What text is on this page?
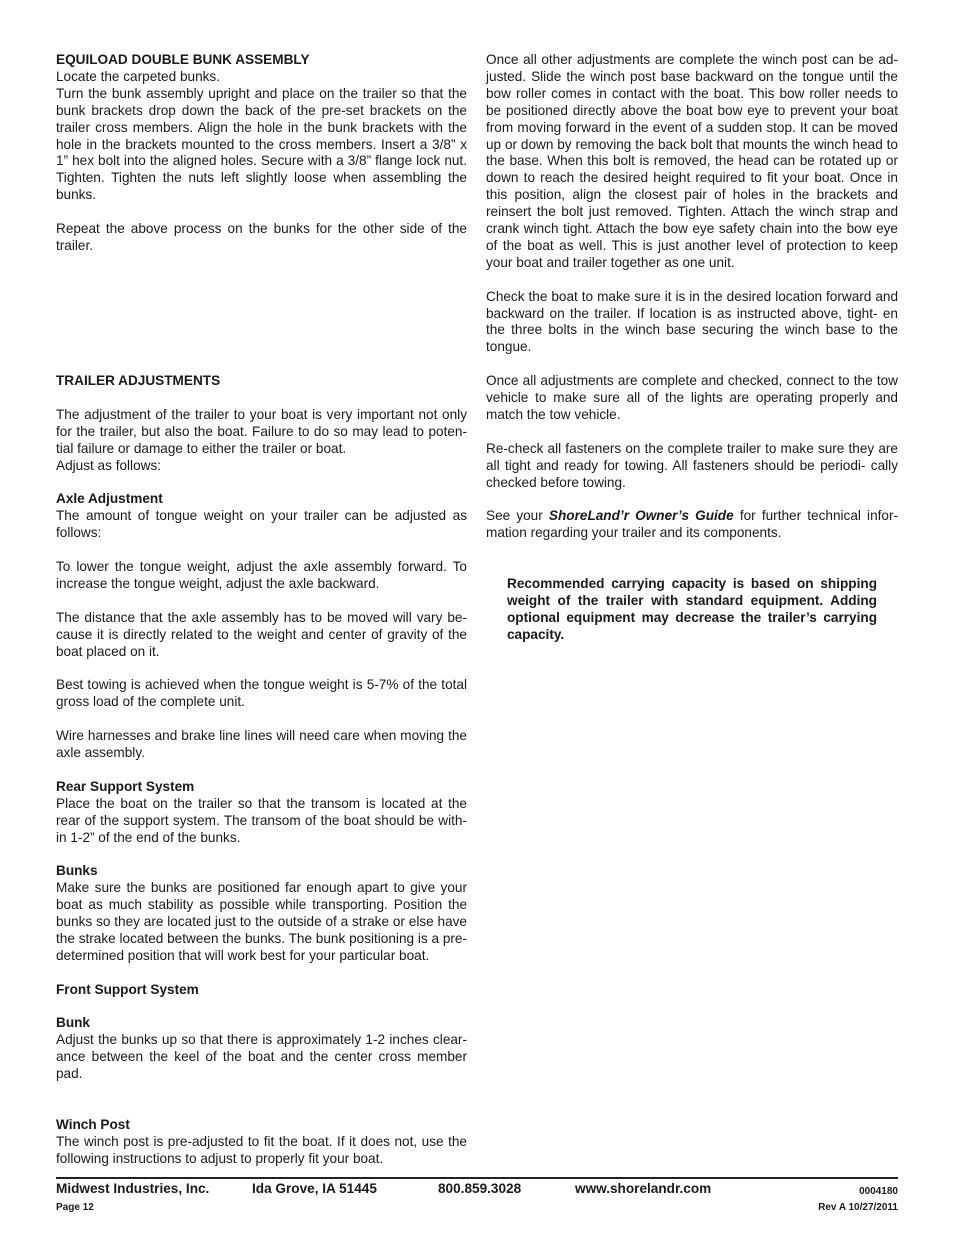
EQUILOAD DOUBLE BUNK ASSEMBLY

Locate the carpeted bunks.

Turn the bunk assembly upright and place on the trailer so that the bunk brackets drop down the back of the pre-set brackets on the trailer cross members. Align the hole in the bunk brackets with the hole in the brackets mounted to the cross members. Insert a 3/8” x 1” hex bolt into the aligned holes. Secure with a 3/8” flange lock nut. Tighten. Tighten the nuts left slightly loose when assembling the bunks.

Repeat the above process on the bunks for the other side of the trailer.

TRAILER ADJUSTMENTS

The adjustment of the trailer to your boat is very important not only for the trailer, but also the boat. Failure to do so may lead to poten- tial failure or damage to either the trailer or boat.

Adjust as follows:

Axle Adjustment

The amount of tongue weight on your trailer can be adjusted as follows:

To lower the tongue weight, adjust the axle assembly forward. To increase the tongue weight, adjust the axle backward.

The distance that the axle assembly has to be moved will vary be- cause it is directly related to the weight and center of gravity of the boat placed on it.

Best towing is achieved when the tongue weight is 5-7% of the total gross load of the complete unit.

Wire harnesses and brake line lines will need care when moving the axle assembly.

Rear Support System

Place the boat on the trailer so that the transom is located at the rear of the support system. The transom of the boat should be with- in 1-2” of the end of the bunks.

Bunks

Make sure the bunks are positioned far enough apart to give your boat as much stability as possible while transporting. Position the bunks so they are located just to the outside of a strake or else have the strake located between the bunks. The bunk positioning is a pre-determined position that will work best for your particular boat.

Front Support System
Bunk

Adjust the bunks up so that there is approximately 1-2 inches clear- ance between the keel of the boat and the center cross member pad.

Winch Post

The winch post is pre-adjusted to fit the boat. If it does not, use the following instructions to adjust to properly fit your boat.

Once all other adjustments are complete the winch post can be ad- justed. Slide the winch post base backward on the tongue until the bow roller comes in contact with the boat. This bow roller needs to be positioned directly above the boat bow eye to prevent your boat from moving forward in the event of a sudden stop. It can be moved up or down by removing the back bolt that mounts the winch head to the base. When this bolt is removed, the head can be rotated up or down to reach the desired height required to fit your boat. Once in this position, align the closest pair of holes in the brackets and reinsert the bolt just removed. Tighten. Attach the winch strap and crank winch tight. Attach the bow eye safety chain into the bow eye of the boat as well. This is just another level of protection to keep your boat and trailer together as one unit.

Check the boat to make sure it is in the desired location forward and backward on the trailer. If location is as instructed above, tight- en the three bolts in the winch base securing the winch base to the tongue.

Once all adjustments are complete and checked, connect to the tow vehicle to make sure all of the lights are operating properly and match the tow vehicle.

Re-check all fasteners on the complete trailer to make sure they are all tight and ready for towing. All fasteners should be periodi- cally checked before towing.

See your ShoreLand’r Owner’s Guide for further technical infor- mation regarding your trailer and its components.

Recommended carrying capacity is based on shipping weight of the trailer with standard equipment. Adding optional equipment may decrease the trailer’s carrying capacity.

Midwest Industries, Inc.	Ida Grove, IA 51445	800.859.3028	www.shorelandr.com	0004180
Page 12	Rev A 10/27/2011
